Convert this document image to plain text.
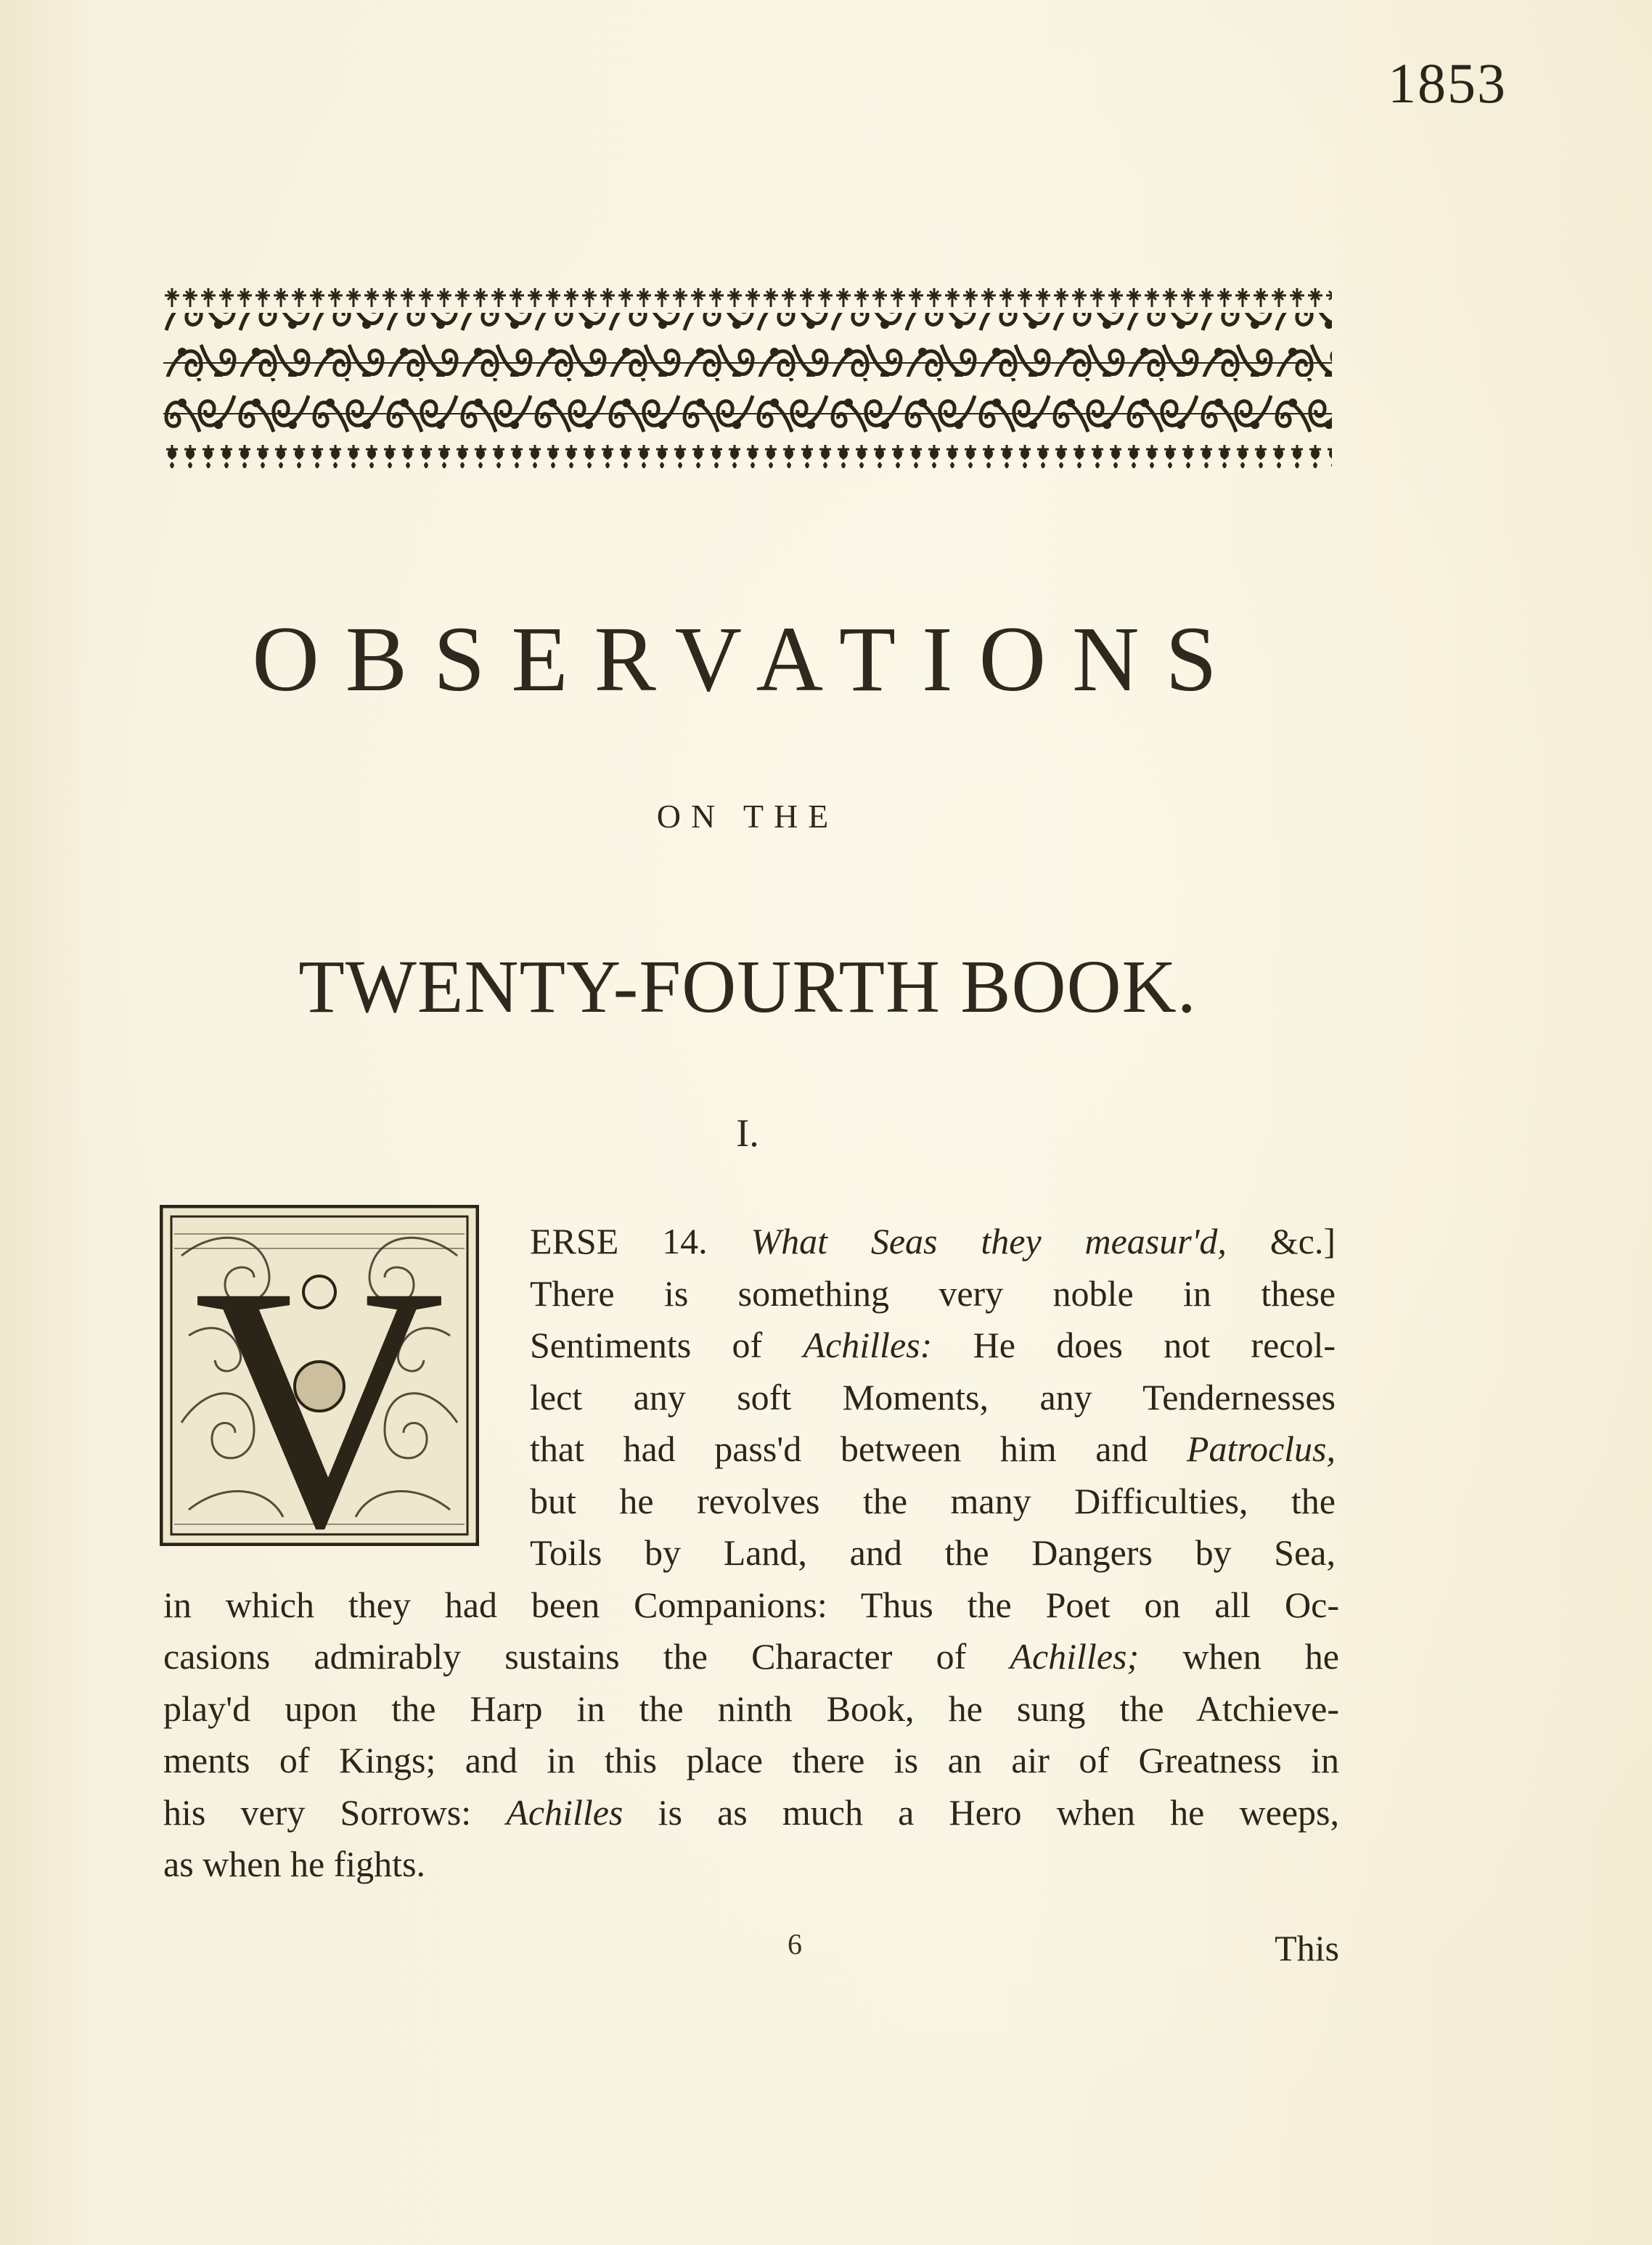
1853
OBSERVATIONS
ON THE
TWENTY-FOURTH BOOK.
I.
V ERSE 14. What Seas they measur'd, &c.]
There is something very noble in these
Sentiments of Achilles: He does not recol-
lect any soft Moments, any Tendernesses
that had pass'd between him and Patroclus,
but he revolves the many Difficulties, the
Toils by Land, and the Dangers by Sea,
in which they had been Companions: Thus the Poet on all Oc-
casions admirably sustains the Character of Achilles; when he
play'd upon the Harp in the ninth Book, he sung the Atchieve-
ments of Kings; and in this place there is an air of Greatness in
his very Sorrows: Achilles is as much a Hero when he weeps,
as when he fights.
6	This
